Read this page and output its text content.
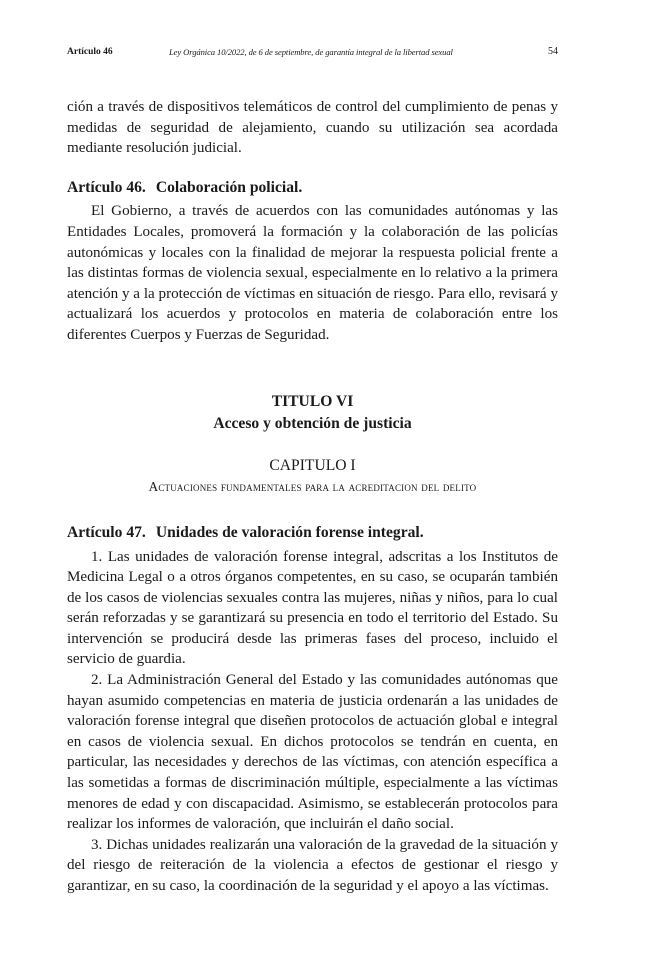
Artículo 46	Ley Orgánica 10/2022, de 6 de septiembre, de garantía integral de la libertad sexual	54

ción a través de dispositivos telemáticos de control del cumplimiento de penas y medidas de seguridad de alejamiento, cuando su utilización sea acordada mediante resolución judicial.

Artículo 46. Colaboración policial.

El Gobierno, a través de acuerdos con las comunidades autónomas y las Entidades Locales, promoverá la formación y la colaboración de las policías autonómicas y locales con la finalidad de mejorar la respuesta policial frente a las distintas formas de violencia sexual, especialmente en lo relativo a la primera atención y a la protección de víctimas en situación de riesgo. Para ello, revisará y actualizará los acuerdos y protocolos en materia de colaboración entre los diferentes Cuerpos y Fuerzas de Seguridad.

TITULO VI
Acceso y obtención de justicia
CAPITULO I
Actuaciones fundamentales para la acreditacion del delito
Artículo 47. Unidades de valoración forense integral.

1. Las unidades de valoración forense integral, adscritas a los Institutos de Medicina Legal o a otros órganos competentes, en su caso, se ocuparán también de los casos de violencias sexuales contra las mujeres, niñas y niños, para lo cual serán reforzadas y se garantizará su presencia en todo el territorio del Estado. Su intervención se producirá desde las primeras fases del proceso, incluido el servicio de guardia.

2. La Administración General del Estado y las comunidades autónomas que hayan asumido competencias en materia de justicia ordenarán a las unidades de valoración forense integral que diseñen protocolos de actuación global e integral en casos de violencia sexual. En dichos protocolos se tendrán en cuenta, en particular, las necesidades y derechos de las víctimas, con atención específica a las sometidas a formas de discriminación múltiple, especialmente a las víctimas menores de edad y con discapacidad. Asimismo, se establecerán protocolos para realizar los informes de valoración, que incluirán el daño social.

3. Dichas unidades realizarán una valoración de la gravedad de la situación y del riesgo de reiteración de la violencia a efectos de gestionar el riesgo y garantizar, en su caso, la coordinación de la seguridad y el apoyo a las víctimas.
